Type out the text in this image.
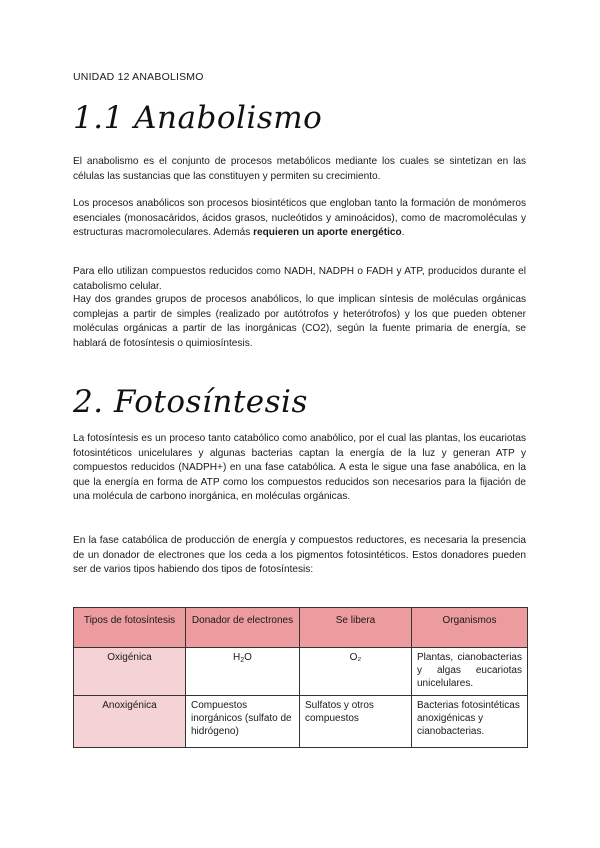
UNIDAD 12 ANABOLISMO
1.1 Anabolismo

El anabolismo es el conjunto de procesos metabólicos mediante los cuales se sintetizan en las células las sustancias que las constituyen y permiten su crecimiento.

Los procesos anabólicos son procesos biosintéticos que engloban tanto la formación de monómeros esenciales (monosacáridos, ácidos grasos, nucleótidos y aminoácidos), como de macromoléculas y estructuras macromoleculares. Además requieren un aporte energético.

Para ello utilizan compuestos reducidos como NADH, NADPH o FADH y ATP, producidos durante el catabolismo celular.

Hay dos grandes grupos de procesos anabólicos, lo que implican síntesis de moléculas orgánicas complejas a partir de simples (realizado por autótrofos y heterótrofos) y los que pueden obtener moléculas orgánicas a partir de las inorgánicas (CO2), según la fuente primaria de energía, se hablará de fotosíntesis o quimiosíntesis.

2. Fotosíntesis

La fotosíntesis es un proceso tanto catabólico como anabólico, por el cual las plantas, los eucariotas fotosintéticos unicelulares y algunas bacterias captan la energía de la luz y generan ATP y compuestos reducidos (NADPH+) en una fase catabólica. A esta le sigue una fase anabólica, en la que la energía en forma de ATP como los compuestos reducidos son necesarios para la fijación de una molécula de carbono inorgánica, en moléculas orgánicas.

En la fase catabólica de producción de energía y compuestos reductores, es necesaria la presencia de un donador de electrones que los ceda a los pigmentos fotosintéticos. Estos donadores pueden ser de varios tipos habiendo dos tipos de fotosíntesis:

Tipos de fotosíntesis	Donador de electrones	Se libera	Organismos
Oxigénica	$H_2O$	O₂	Plantas, cianobacterias y algas eucariotas unicelulares.
Anoxigénica	Compuestos inorgánicos (sulfato de hidrógeno)	Sulfatos y otros compuestos	Bacterias fotosintéticas anoxigénicas y cianobacterias.
